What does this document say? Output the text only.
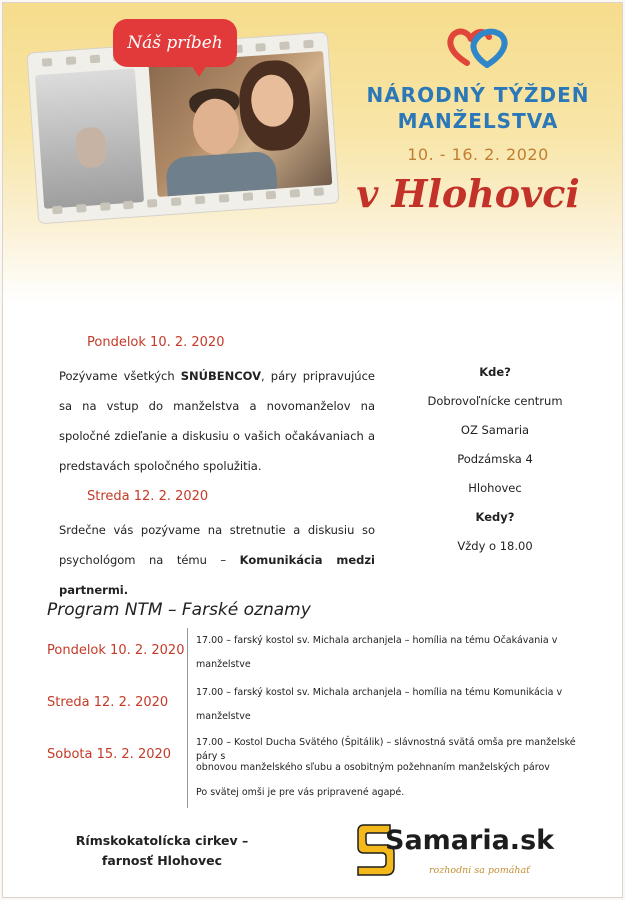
Náš príbeh
NÁRODNÝ TÝŽDEŇ
MANŽELSTVA
10. - 16. 2. 2020
v Hlohovci
Pondelok 10. 2. 2020
Pozývame všetkých SNÚBENCOV, páry pripravujúce sa na vstup do manželstva a novomanželov na spoločné zdieľanie a diskusiu o vašich očakávaniach a predstavách spoločného spolužitia.
Streda 12. 2. 2020
Srdečne vás pozývame na stretnutie a diskusiu so psychológom na tému – Komunikácia medzi partnermi.
Kde?
Dobrovoľnícke centrum
OZ Samaria
Podzámska 4
Hlohovec
Kedy?
Vždy o 18.00
Program NTM – Farské oznamy
Pondelok 10. 2. 2020
Streda 12. 2. 2020
Sobota 15. 2. 2020
17.00 – farský kostol sv. Michala archanjela – homília na tému Očakávania v
manželstve
17.00 – farský kostol sv. Michala archanjela – homília na tému Komunikácia v
manželstve
17.00 – Kostol Ducha Svätého (Špitálik) – slávnostná svätá omša pre manželské páry s
obnovou manželského sľubu a osobitným požehnaním manželských párov
Po svätej omši je pre vás pripravené agapé.
Rímskokatolícka cirkev –
farnosť Hlohovec
Samaria.sk
rozhodni sa pomáhať
